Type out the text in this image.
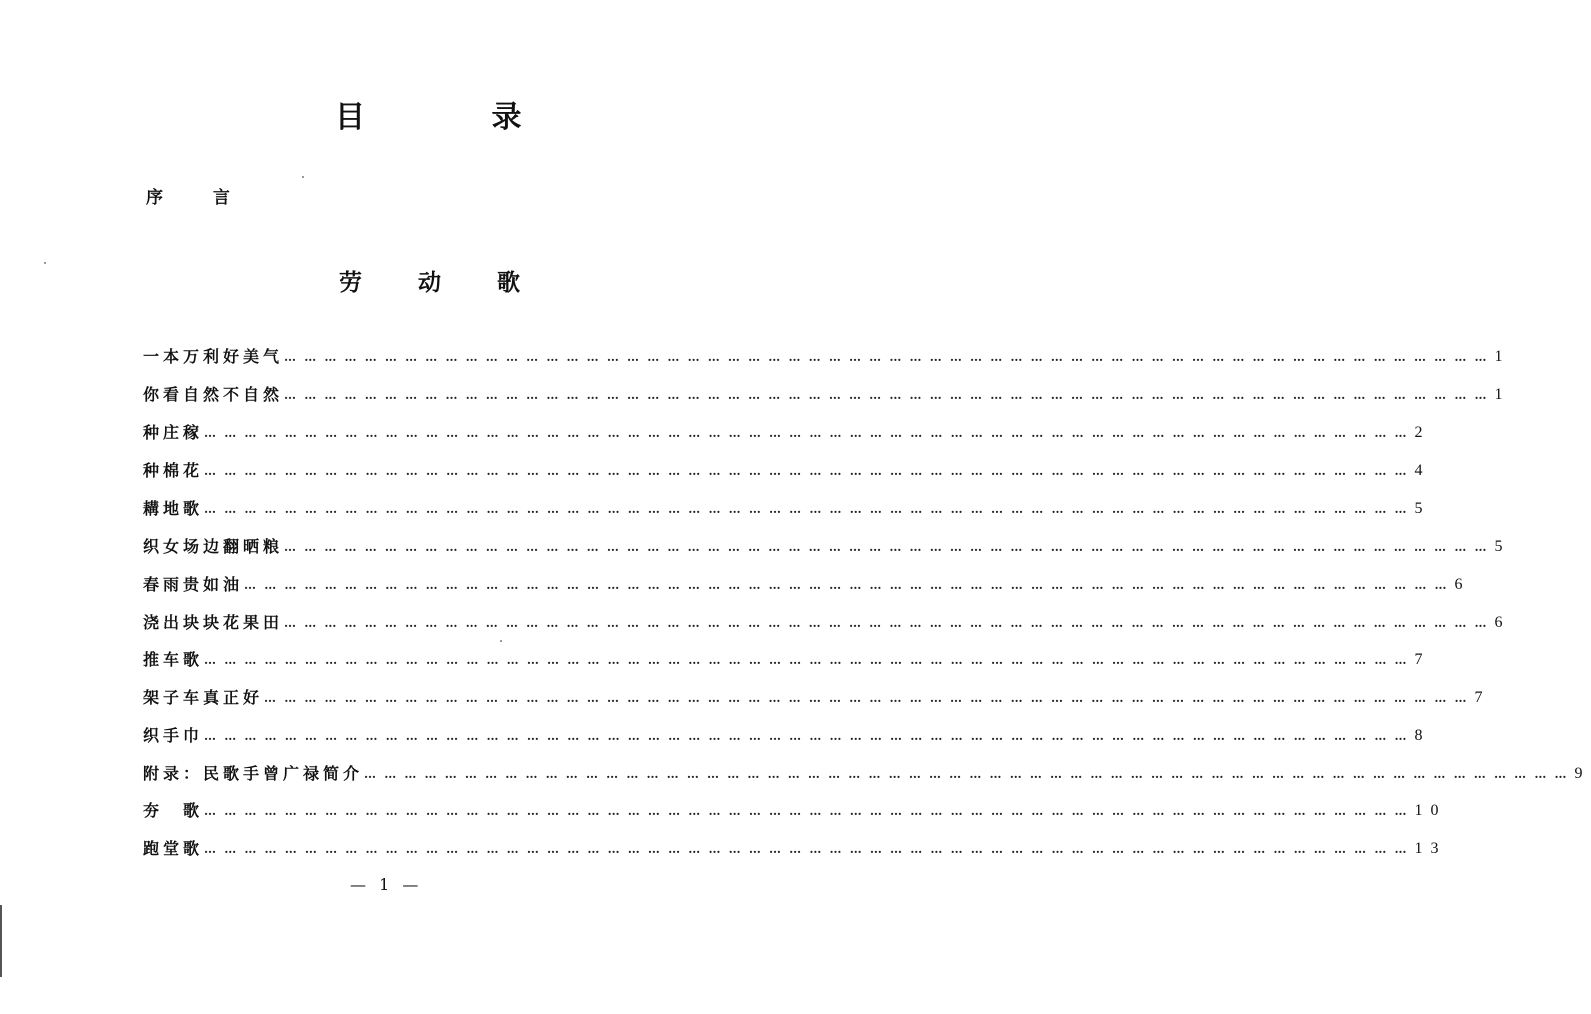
目 录
序 言
劳 动 歌
一本万利好美气 … … … … … … … … … … … … … … … … … … … … … … … … … … … … … … … … … … … … … … … … … … … … … … … … … … … … … … … … … … … … 1
你看自然不自然 … … … … … … … … … … … … … … … … … … … … … … … … … … … … … … … … … … … … … … … … … … … … … … … … … … … … … … … … … … … … 1
种庄稼 … … … … … … … … … … … … … … … … … … … … … … … … … … … … … … … … … … … … … … … … … … … … … … … … … … … … … … … … … … … … 2
种棉花 … … … … … … … … … … … … … … … … … … … … … … … … … … … … … … … … … … … … … … … … … … … … … … … … … … … … … … … … … … … … 4
耩地歌 … … … … … … … … … … … … … … … … … … … … … … … … … … … … … … … … … … … … … … … … … … … … … … … … … … … … … … … … … … … … 5
织女场边翻晒粮 … … … … … … … … … … … … … … … … … … … … … … … … … … … … … … … … … … … … … … … … … … … … … … … … … … … … … … … … … … … … 5
春雨贵如油 … … … … … … … … … … … … … … … … … … … … … … … … … … … … … … … … … … … … … … … … … … … … … … … … … … … … … … … … … … … … 6
浇出块块花果田 … … … … … … … … … … … … … … … … … … … … … … … … … … … … … … … … … … … … … … … … … … … … … … … … … … … … … … … … … … … … 6
推车歌 … … … … … … … … … … … … … … … … … … … … … … … … … … … … … … … … … … … … … … … … … … … … … … … … … … … … … … … … … … … … 7
架子车真正好 … … … … … … … … … … … … … … … … … … … … … … … … … … … … … … … … … … … … … … … … … … … … … … … … … … … … … … … … … … … … 7
织手巾 … … … … … … … … … … … … … … … … … … … … … … … … … … … … … … … … … … … … … … … … … … … … … … … … … … … … … … … … … … … … 8
附录：民歌手曾广禄简介 … … … … … … … … … … … … … … … … … … … … … … … … … … … … … … … … … … … … … … … … … … … … … … … … … … … … … … … … … … … … 9
夯　歌 … … … … … … … … … … … … … … … … … … … … … … … … … … … … … … … … … … … … … … … … … … … … … … … … … … … … … … … … … … … … 10
跑堂歌 … … … … … … … … … … … … … … … … … … … … … … … … … … … … … … … … … … … … … … … … … … … … … … … … … … … … … … … … … … … … 13
— 1 —
